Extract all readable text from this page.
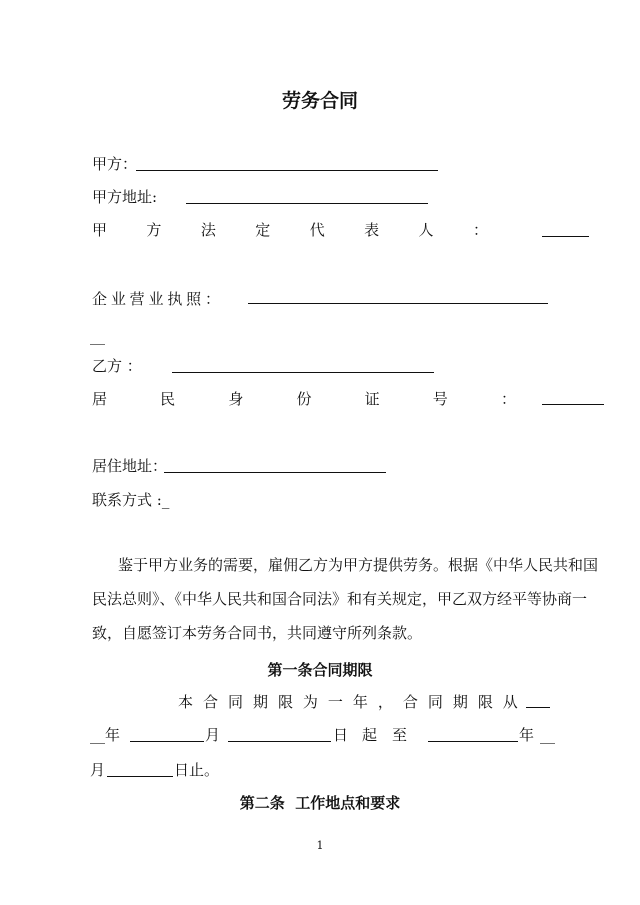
劳务合同
甲方：
甲方地址:
甲	方	法	定	代	表	人	：
企 业 营 业 执 照 ：
__
乙方 ：
居	民	身	份	证	号	：
居住地址：
联系方式 :_
鉴于甲方业务的需要，雇佣乙方为甲方提供劳务。根据《中华人民共和国民法总则》、《中华人民共和国合同法》和有关规定，甲乙双方经平等协商一致，自愿签订本劳务合同书，共同遵守所列条款。
第一条合同期限
本 合 同 期 限 为 一 年 ， 合 同 期 限 从
__年	月	日起 至	年 __
月	日止。
第二条  工作地点和要求
1
